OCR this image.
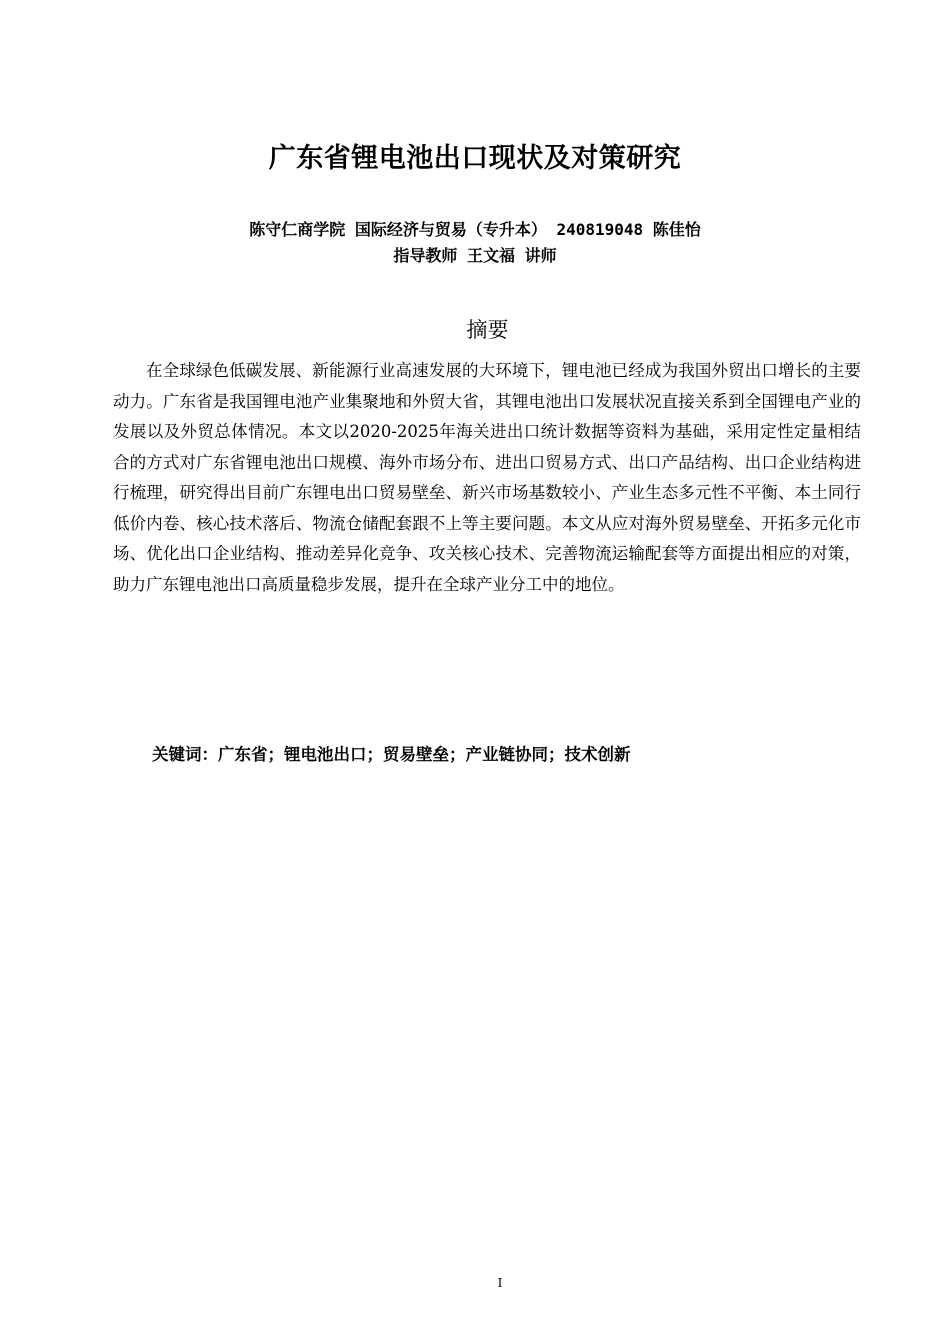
广东省锂电池出口现状及对策研究
陈守仁商学院 国际经济与贸易（专升本） 240819048 陈佳怡
指导教师 王文福 讲师
摘要
在全球绿色低碳发展、新能源行业高速发展的大环境下，锂电池已经成为我国外贸出口增长的主要动力。广东省是我国锂电池产业集聚地和外贸大省，其锂电池出口发展状况直接关系到全国锂电产业的发展以及外贸总体情况。本文以2020-2025年海关进出口统计数据等资料为基础，采用定性定量相结合的方式对广东省锂电池出口规模、海外市场分布、进出口贸易方式、出口产品结构、出口企业结构进行梳理，研究得出目前广东锂电出口贸易壁垒、新兴市场基数较小、产业生态多元性不平衡、本土同行低价内卷、核心技术落后、物流仓储配套跟不上等主要问题。本文从应对海外贸易壁垒、开拓多元化市场、优化出口企业结构、推动差异化竞争、攻关核心技术、完善物流运输配套等方面提出相应的对策，助力广东锂电池出口高质量稳步发展，提升在全球产业分工中的地位。
关键词：广东省；锂电池出口；贸易壁垒；产业链协同；技术创新
I
